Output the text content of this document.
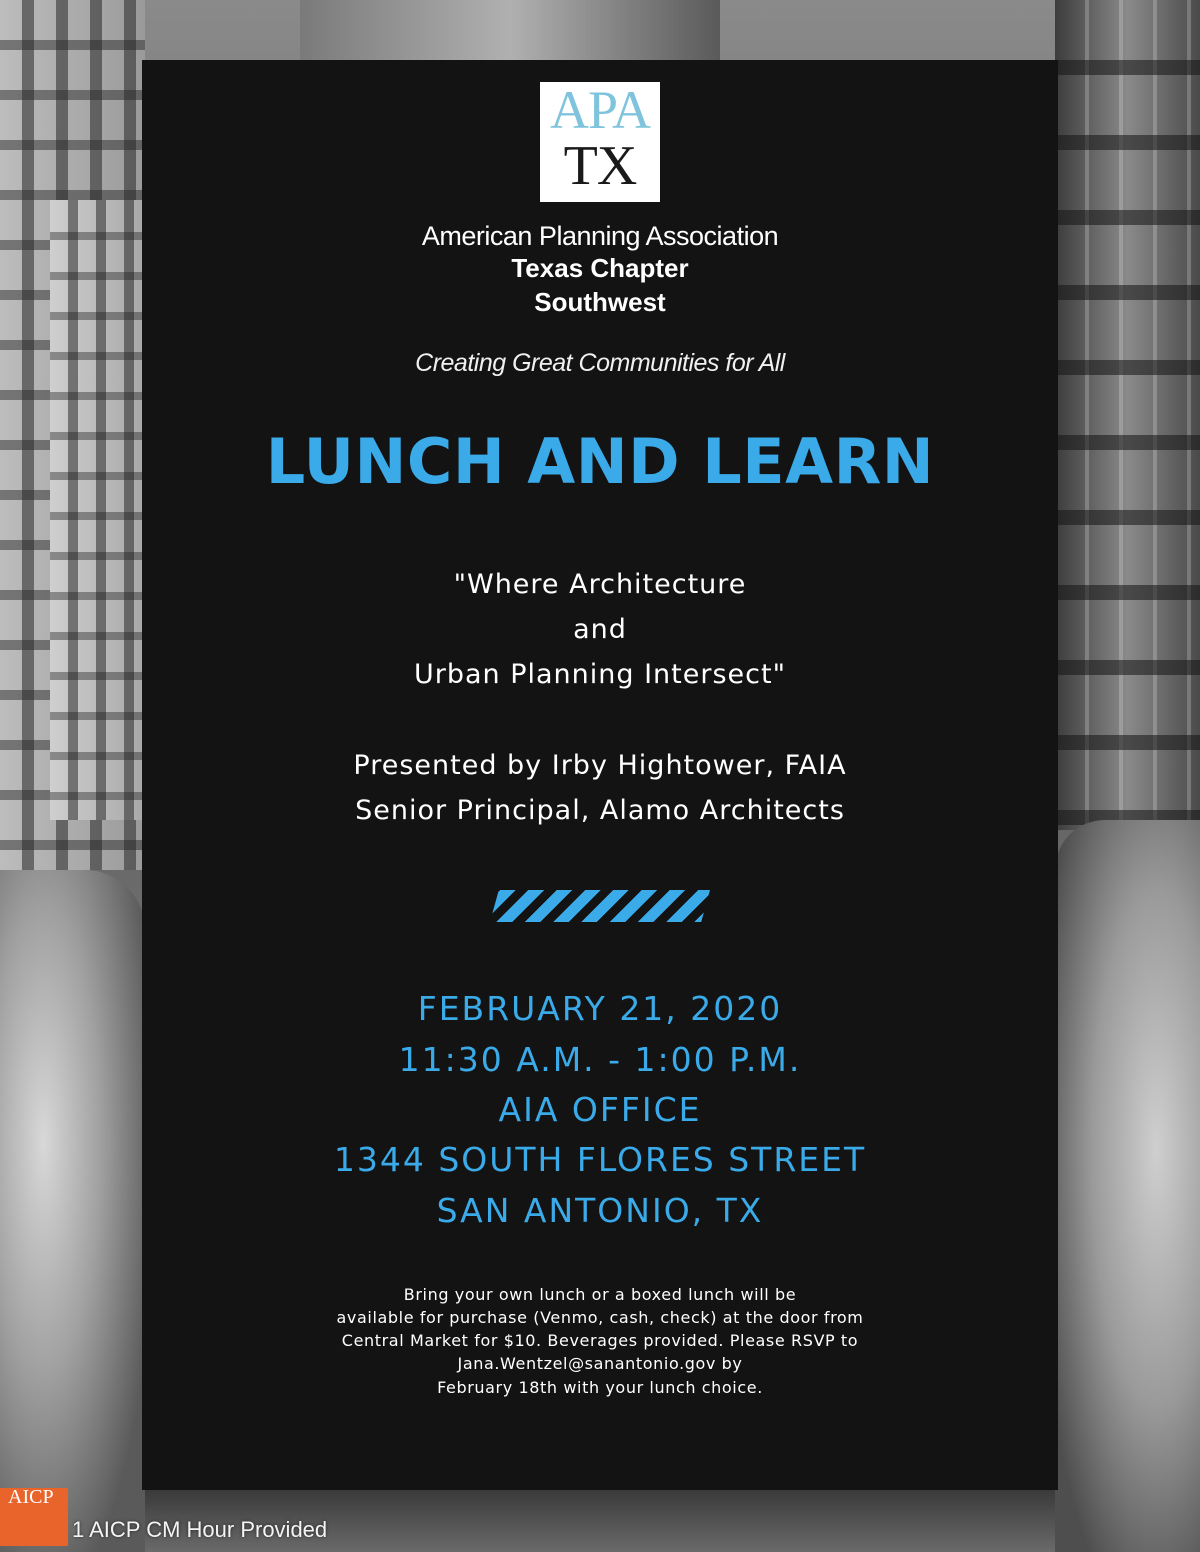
APA
TX

American Planning Association

Texas Chapter

Southwest

Creating Great Communities for All

LUNCH AND LEARN

"Where Architecture

and

Urban Planning Intersect"

Presented by Irby Hightower, FAIA

Senior Principal, Alamo Architects

FEBRUARY 21, 2020

11:30 A.M. - 1:00 P.M.

AIA OFFICE

1344 SOUTH FLORES STREET

SAN ANTONIO, TX

Bring your own lunch or a boxed lunch will be

available for purchase (Venmo, cash, check) at the door from

Central Market for $10. Beverages provided. Please RSVP to

Jana.Wentzel@sanantonio.gov by

February 18th with your lunch choice.

AICP
1 AICP CM Hour Provided
